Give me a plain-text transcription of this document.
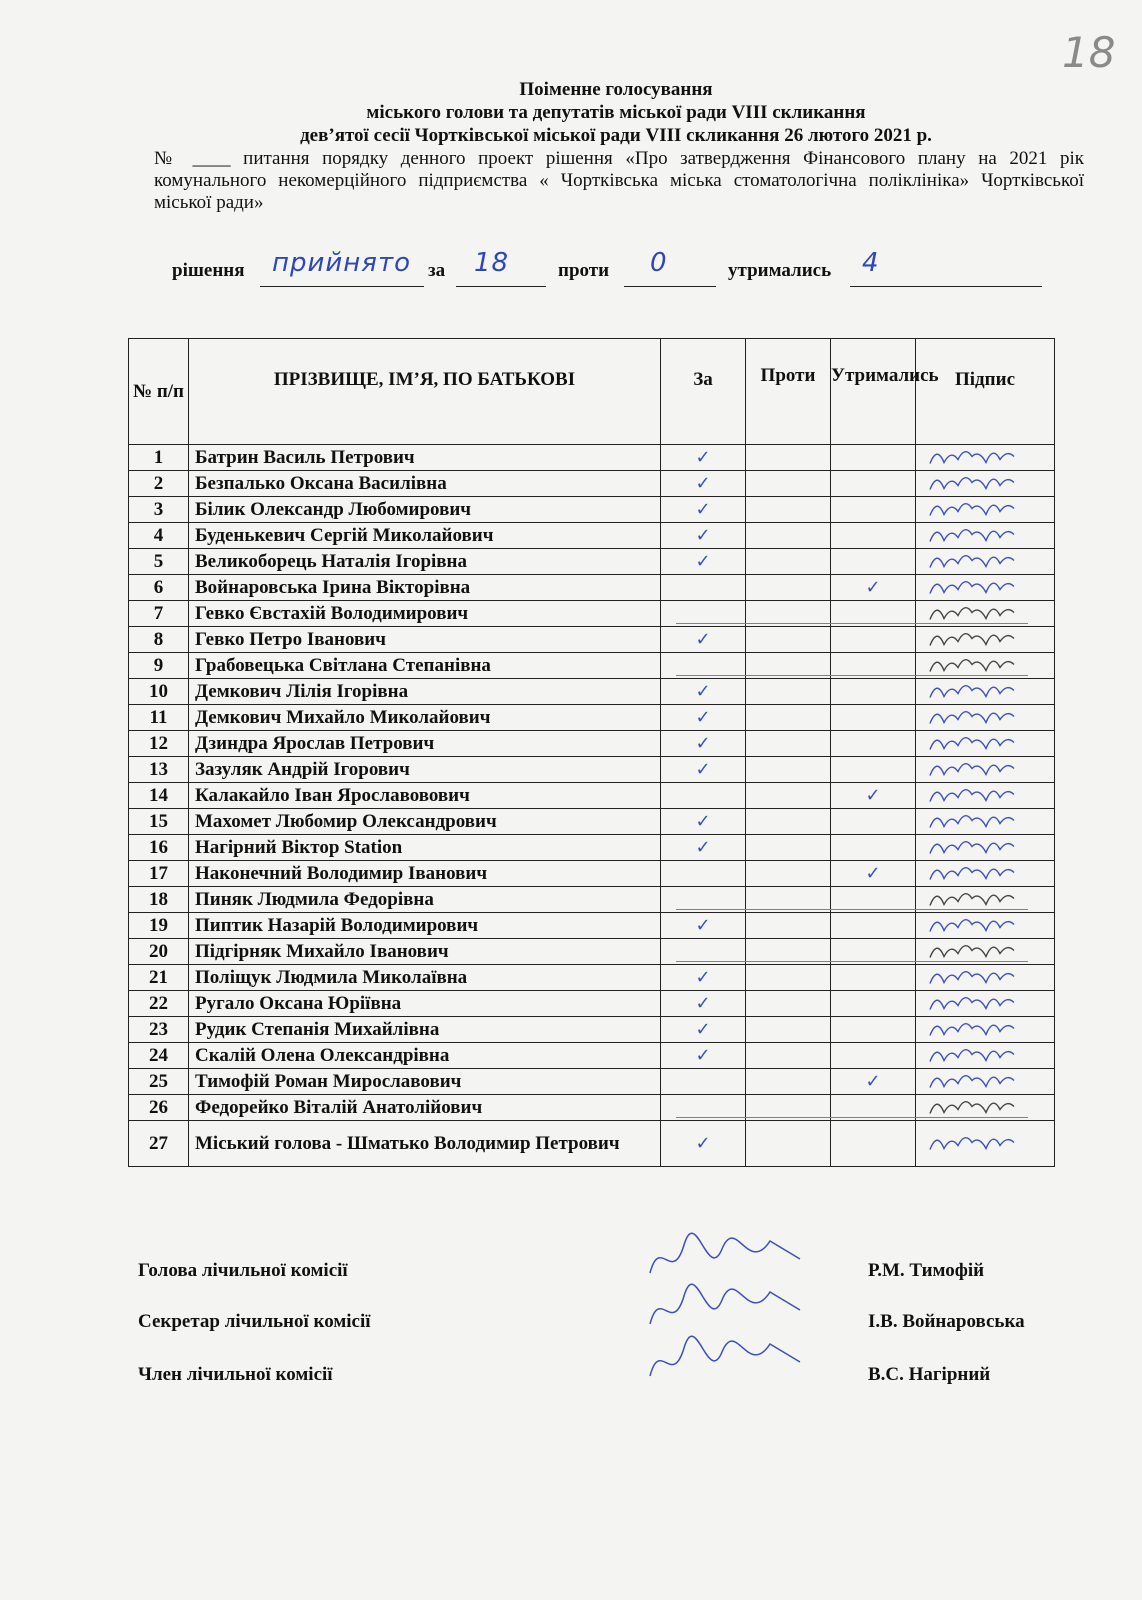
18
Поіменне голосування
міського голови та депутатів міської ради VIII скликання
дев’ятої сесії Чортківської міської ради VIII скликання 26 лютого 2021 р.
№ ____ питання порядку денного проект рішення «Про затвердження Фінансового плану на 2021 рік комунального некомерційного підприємства « Чортківська міська стоматологічна поліклініка» Чортківської міської ради»
рішення прийнято за 18	проти 0	утримались 4
№ п/п	ПРІЗВИЩЕ, ІМ’Я, ПО БАТЬКОВІ	За	Проти	Утримались	Підпис
1	Батрин Василь Петрович	✓			
2	Безпалько Оксана Василівна	✓			
3	Білик Олександр Любомирович	✓			
4	Буденькевич Сергій Миколайович	✓			
5	Великоборець Наталія Ігорівна	✓			
6	Войнаровська Ірина Вікторівна			✓	
7	Гевко Євстахій Володимирович				
8	Гевко Петро Іванович	✓			
9	Грабовецька Світлана Степанівна				
10	Демкович Лілія Ігорівна	✓			
11	Демкович Михайло Миколайович	✓			
12	Дзиндра Ярослав Петрович	✓			
13	Зазуляк Андрій Ігорович	✓			
14	Калакайло Іван Ярославовович			✓	
15	Махомет Любомир Олександрович	✓			
16	Нагірний Віктор Station	✓			
17	Наконечний Володимир Іванович			✓	
18	Пиняк Людмила Федорівна				
19	Пиптик Назарій Володимирович	✓			
20	Підгірняк Михайло Іванович				
21	Поліщук Людмила Миколаївна	✓			
22	Ругало Оксана Юріївна	✓			
23	Рудик Степанія Михайлівна	✓			
24	Скалій Олена Олександрівна	✓			
25	Тимофій Роман Мирославович			✓	
26	Федорейко Віталій Анатолійович				
27	Міський голова - Шматько Володимир Петрович	✓			
Голова лічильної комісії	Р.М. Тимофій
Секретар лічильної комісії	І.В. Войнаровська
Член лічильної комісії	В.С. Нагірний
